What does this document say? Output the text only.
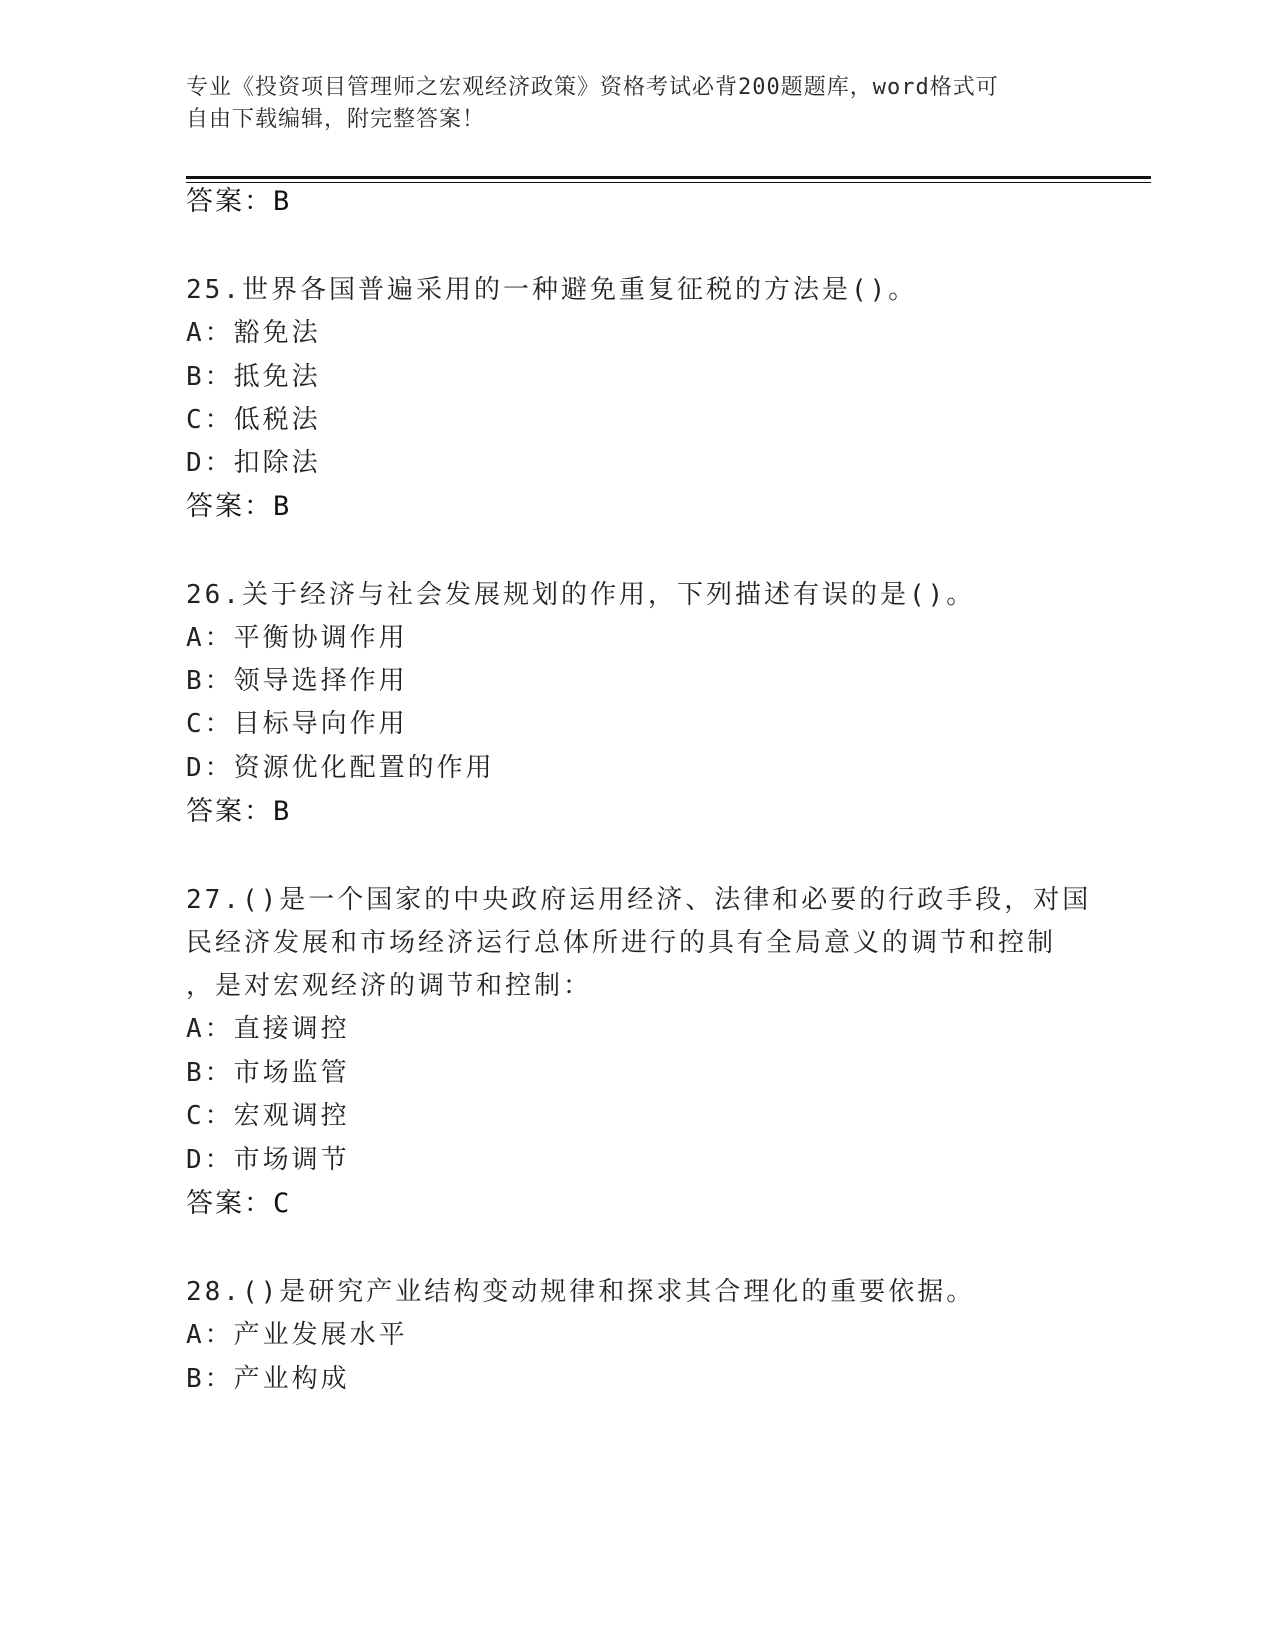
专业《投资项目管理师之宏观经济政策》资格考试必背200题题库，word格式可
自由下载编辑，附完整答案！
答案：B
25.世界各国普遍采用的一种避免重复征税的方法是()。
A：豁免法
B：抵免法
C：低税法
D：扣除法
答案：B
26.关于经济与社会发展规划的作用，下列描述有误的是()。
A：平衡协调作用
B：领导选择作用
C：目标导向作用
D：资源优化配置的作用
答案：B
27.()是一个国家的中央政府运用经济、法律和必要的行政手段，对国
民经济发展和市场经济运行总体所进行的具有全局意义的调节和控制
，是对宏观经济的调节和控制：
A：直接调控
B：市场监管
C：宏观调控
D：市场调节
答案：C
28.()是研究产业结构变动规律和探求其合理化的重要依据。
A：产业发展水平
B：产业构成
